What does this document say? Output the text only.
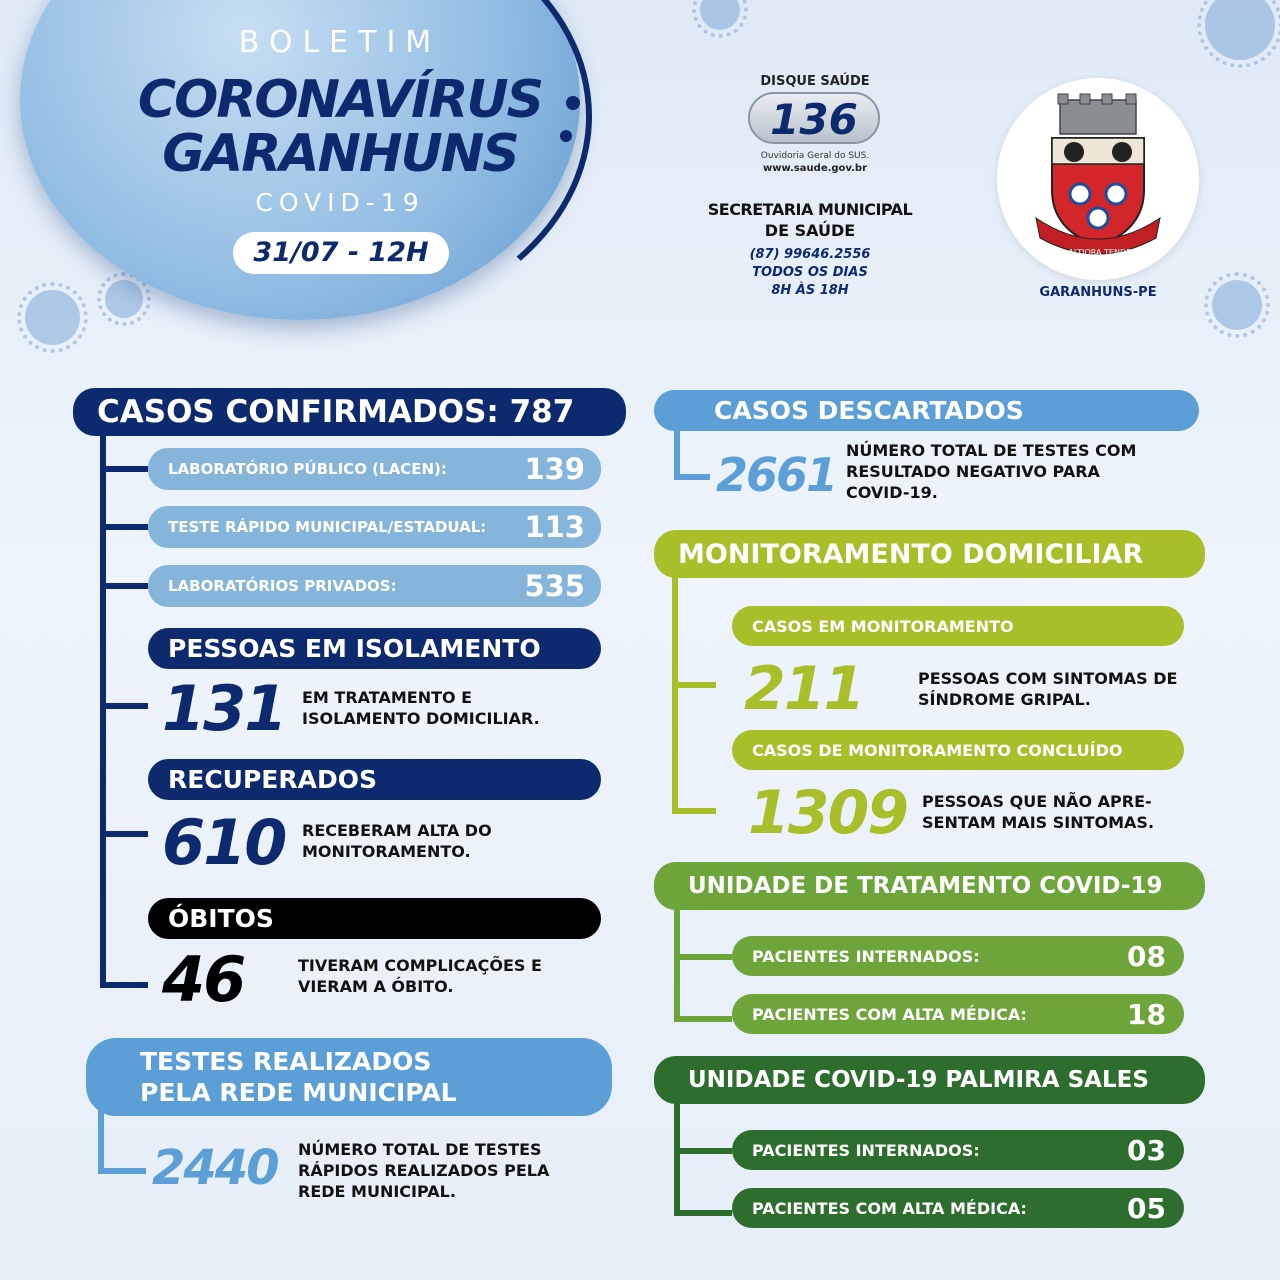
BOLETIM
CORONAVÍRUS
GARANHUNS
COVID-19
31/07 - 12H
DISQUE SAÚDE
136
Ouvidoria Geral do SUS.
www.saude.gov.br
SECRETARIA MUNICIPAL
DE SAÚDE
(87) 99646.2556
TODOS OS DIAS
8H ÀS 18H
AO ALTIORA TENDERE
GARANHUNS-PE
CASOS CONFIRMADOS: 787
LABORATÓRIO PÚBLICO (LACEN):	139
TESTE RÁPIDO MUNICIPAL/ESTADUAL: 113
LABORATÓRIOS PRIVADOS:	535
PESSOAS EM ISOLAMENTO
131 EM TRATAMENTO E
ISOLAMENTO DOMICILIAR.
RECUPERADOS
610 RECEBERAM ALTA DO
MONITORAMENTO.
ÓBITOS
46	TIVERAM COMPLICAÇÕES E
VIERAM A ÓBITO.
TESTES REALIZADOS
PELA REDE MUNICIPAL
2440 NÚMERO TOTAL DE TESTES
RÁPIDOS REALIZADOS PELA
REDE MUNICIPAL.
CASOS DESCARTADOS
2661 NÚMERO TOTAL DE TESTES COM
RESULTADO NEGATIVO PARA
COVID-19.
MONITORAMENTO DOMICILIAR
CASOS EM MONITORAMENTO
211	PESSOAS COM SINTOMAS DE
SÍNDROME GRIPAL.
CASOS DE MONITORAMENTO CONCLUÍDO
1309 PESSOAS QUE NÃO APRE-
SENTAM MAIS SINTOMAS.
UNIDADE DE TRATAMENTO COVID-19
PACIENTES INTERNADOS:	08
PACIENTES COM ALTA MÉDICA:	18
UNIDADE COVID-19 PALMIRA SALES
PACIENTES INTERNADOS:	03
PACIENTES COM ALTA MÉDICA:	05
